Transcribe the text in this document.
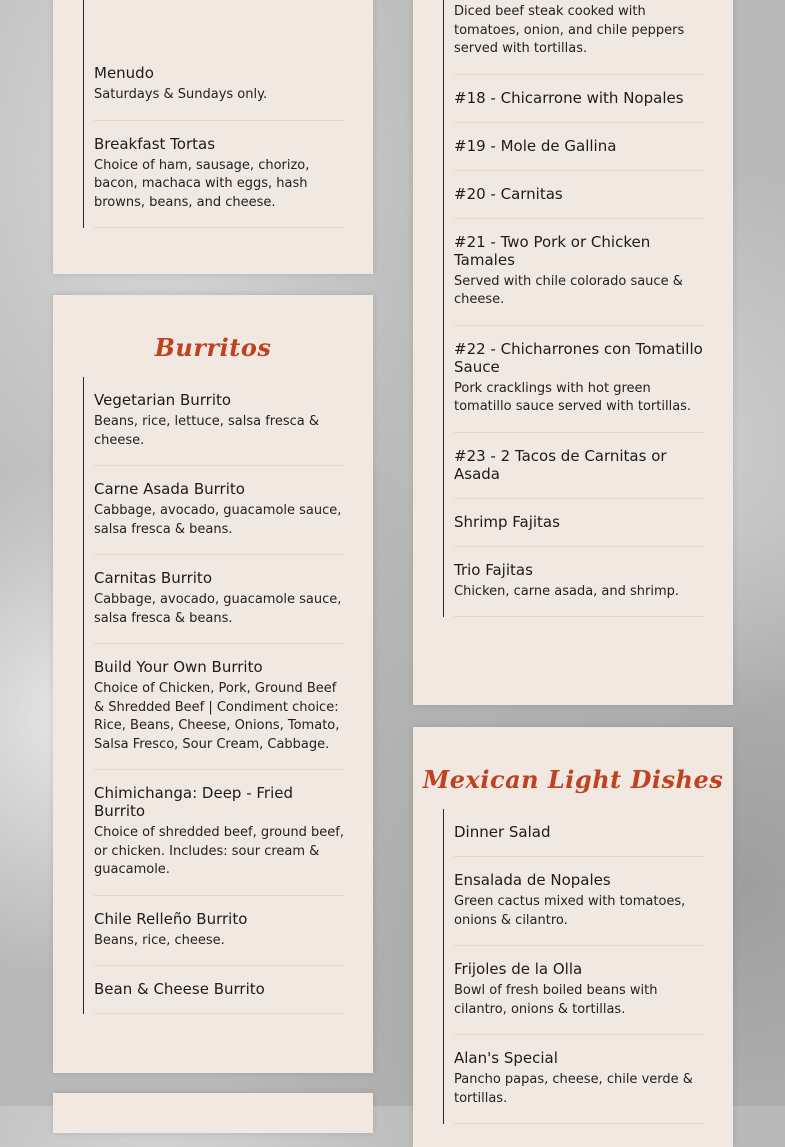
Menudo
Saturdays & Sundays only.
Breakfast Tortas
Choice of ham, sausage, chorizo, bacon, machaca with eggs, hash browns, beans, and cheese.
Burritos
Vegetarian Burrito
Beans, rice, lettuce, salsa fresca & cheese.
Carne Asada Burrito
Cabbage, avocado, guacamole sauce, salsa fresca & beans.
Carnitas Burrito
Cabbage, avocado, guacamole sauce, salsa fresca & beans.
Build Your Own Burrito
Choice of Chicken, Pork, Ground Beef & Shredded Beef | Condiment choice: Rice, Beans, Cheese, Onions, Tomato, Salsa Fresco, Sour Cream, Cabbage.
Chimichanga: Deep - Fried Burrito
Choice of shredded beef, ground beef, or chicken. Includes: sour cream & guacamole.
Chile Relleño Burrito
Beans, rice, cheese.
Bean & Cheese Burrito
Diced beef steak cooked with tomatoes, onion, and chile peppers served with tortillas.
#18 - Chicarrone with Nopales
#19 - Mole de Gallina
#20 - Carnitas
#21 - Two Pork or Chicken Tamales
Served with chile colorado sauce & cheese.
#22 - Chicharrones con Tomatillo Sauce
Pork cracklings with hot green tomatillo sauce served with tortillas.
#23 - 2 Tacos de Carnitas or Asada
Shrimp Fajitas
Trio Fajitas
Chicken, carne asada, and shrimp.
Mexican Light Dishes
Dinner Salad
Ensalada de Nopales
Green cactus mixed with tomatoes, onions & cilantro.
Frijoles de la Olla
Bowl of fresh boiled beans with cilantro, onions & tortillas.
Alan's Special
Pancho papas, cheese, chile verde & tortillas.
